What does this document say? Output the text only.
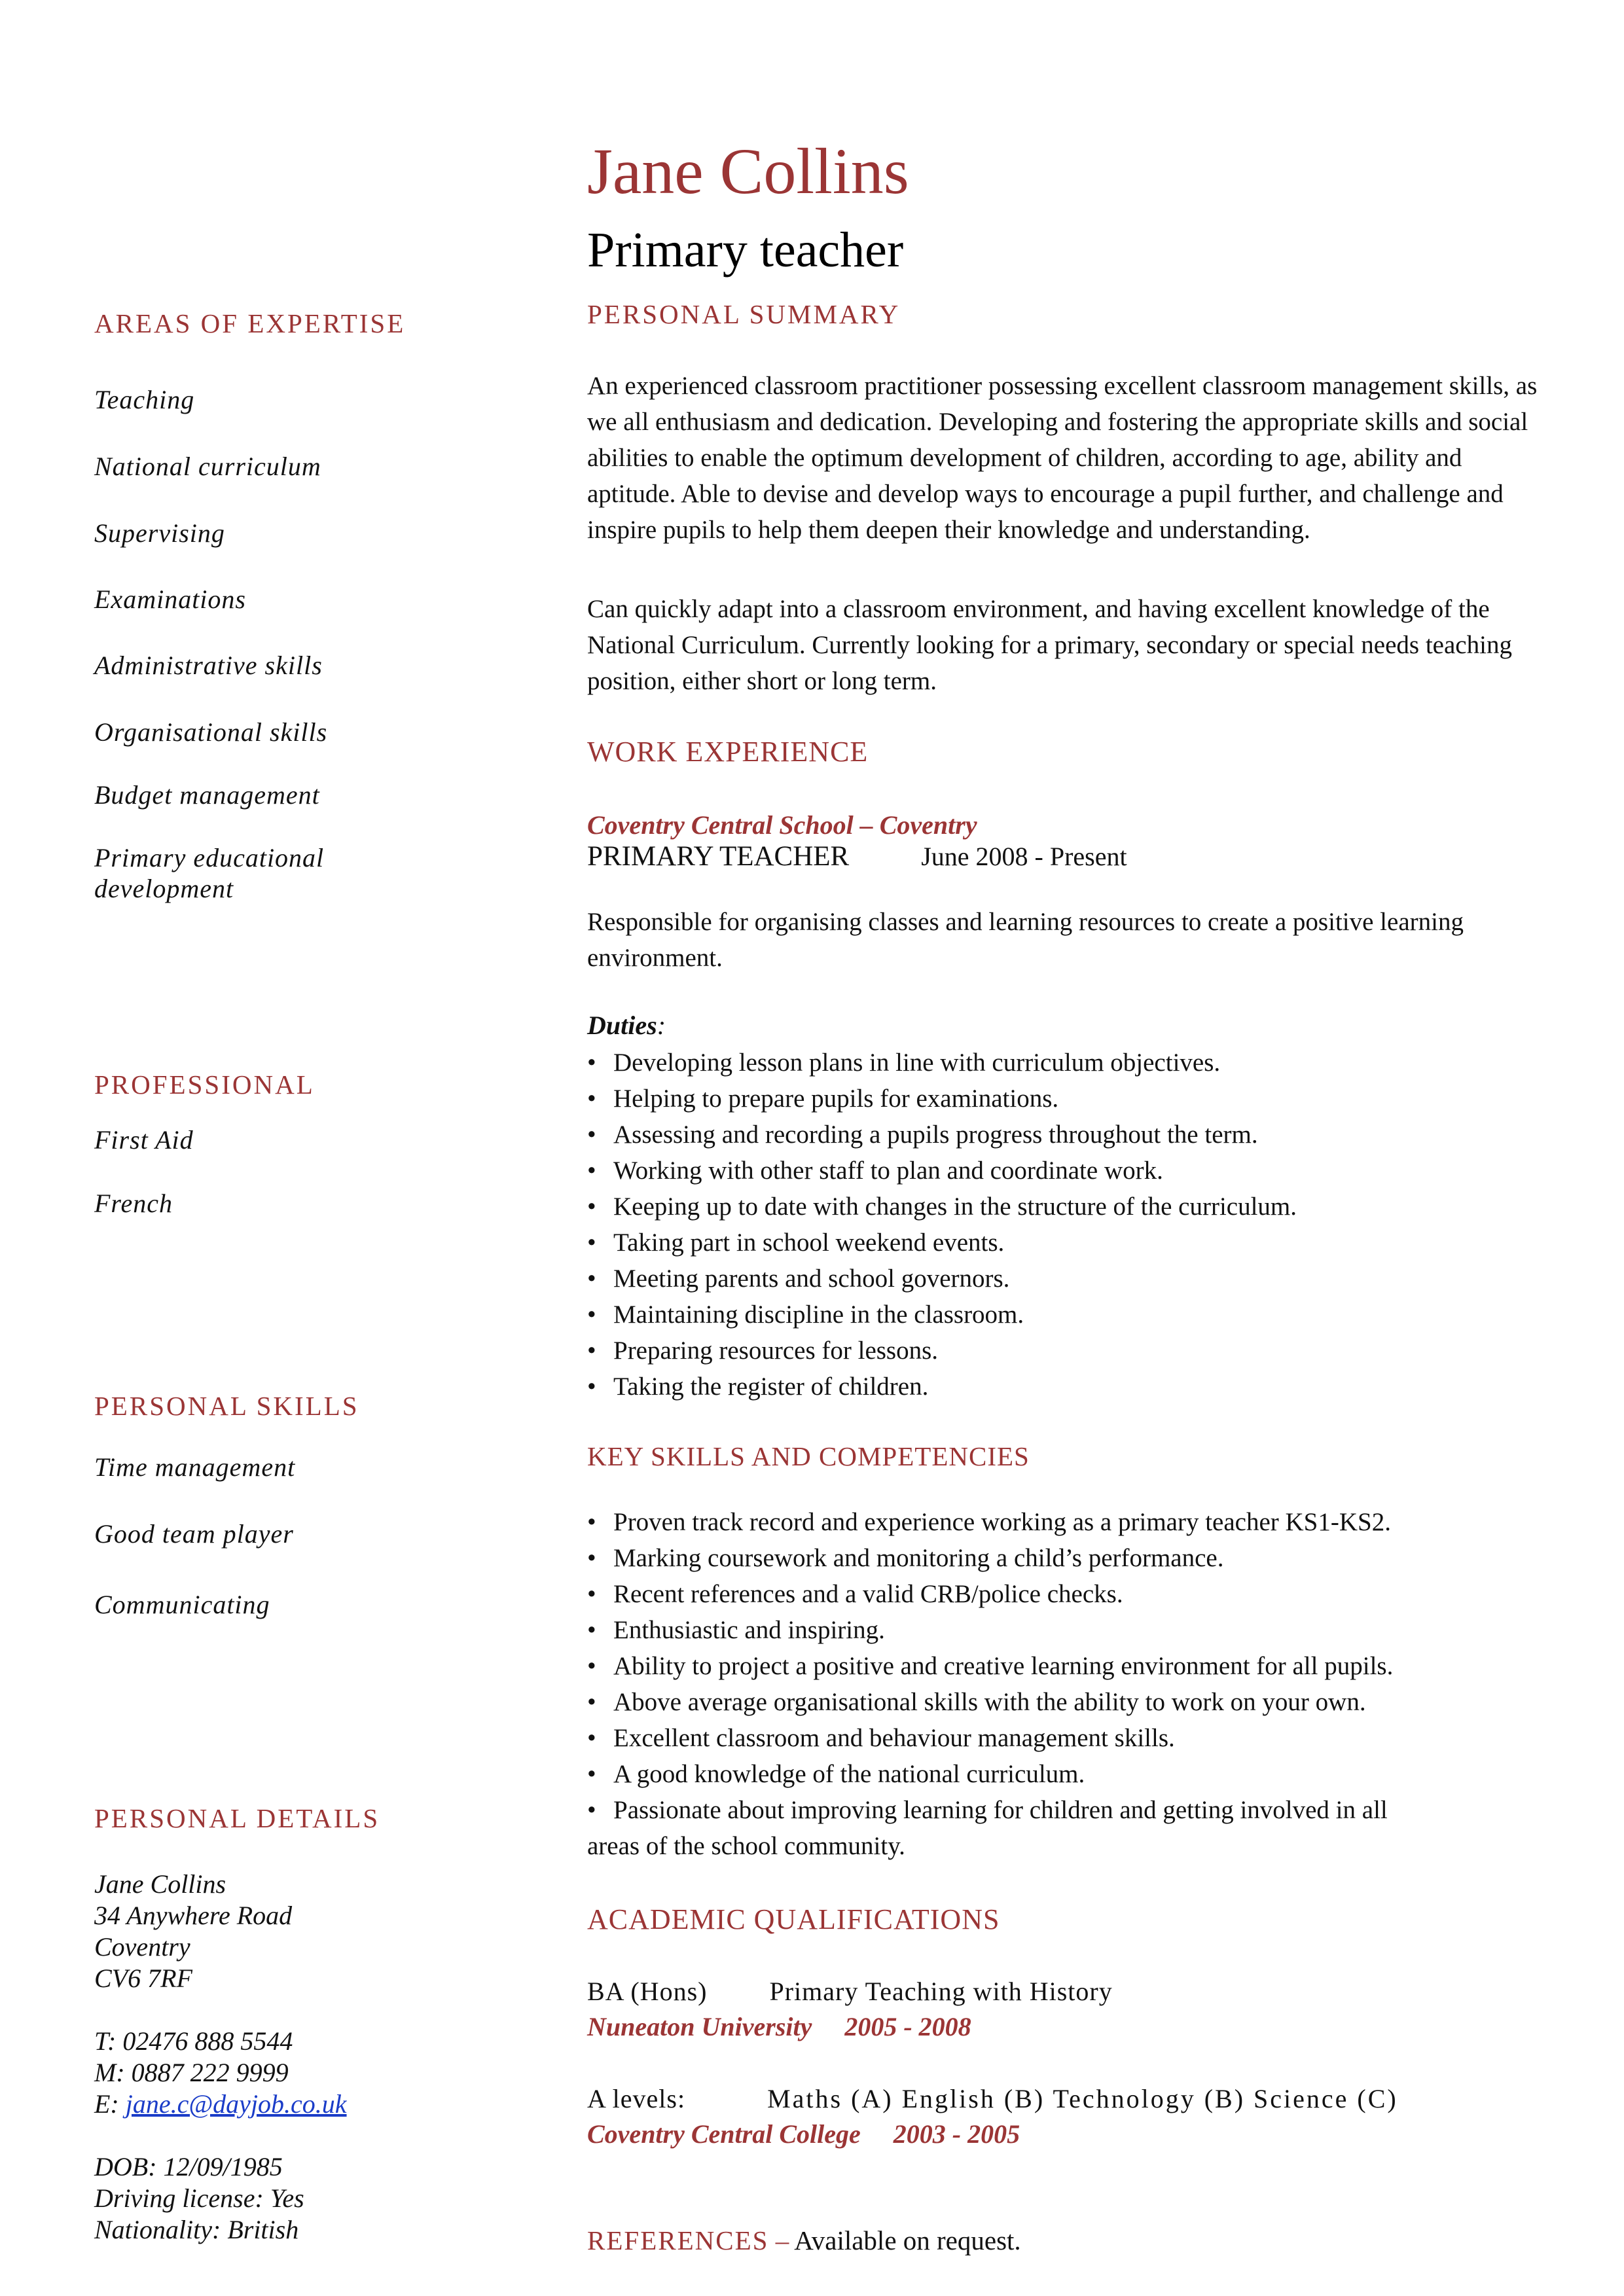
Jane Collins
Primary teacher
AREAS OF EXPERTISE
Teaching
National curriculum
Supervising
Examinations
Administrative skills
Organisational skills
Budget management
Primary educational development
PROFESSIONAL
First Aid
French
PERSONAL SKILLS
Time management
Good team player
Communicating
PERSONAL DETAILS
Jane Collins
34 Anywhere Road
Coventry
CV6 7RF
T: 02476 888 5544
M: 0887 222 9999
E: jane.c@dayjob.co.uk
DOB: 12/09/1985
Driving license: Yes
Nationality: British
PERSONAL SUMMARY

An experienced classroom practitioner possessing excellent classroom management skills, as we all enthusiasm and dedication. Developing and fostering the appropriate skills and social abilities to enable the optimum development of children, according to age, ability and aptitude. Able to devise and develop ways to encourage a pupil further, and challenge and inspire pupils to help them deepen their knowledge and understanding.

Can quickly adapt into a classroom environment, and having excellent knowledge of the National Curriculum. Currently looking for a primary, secondary or special needs teaching position, either short or long term.

WORK EXPERIENCE
Coventry Central School – Coventry
PRIMARY TEACHER	June 2008 - Present

Responsible for organising classes and learning resources to create a positive learning environment.

Duties:
• Developing lesson plans in line with curriculum objectives.
• Helping to prepare pupils for examinations.
• Assessing and recording a pupils progress throughout the term.
• Working with other staff to plan and coordinate work.
• Keeping up to date with changes in the structure of the curriculum.
• Taking part in school weekend events.
• Meeting parents and school governors.
• Maintaining discipline in the classroom.
• Preparing resources for lessons.
• Taking the register of children.
KEY SKILLS AND COMPETENCIES
• Proven track record and experience working as a primary teacher KS1-KS2.
• Marking coursework and monitoring a child’s performance.
• Recent references and a valid CRB/police checks.
• Enthusiastic and inspiring.
• Ability to project a positive and creative learning environment for all pupils.
• Above average organisational skills with the ability to work on your own.
• Excellent classroom and behaviour management skills.
• A good knowledge of the national curriculum.
• Passionate about improving learning for children and getting involved in all
areas of the school community.
ACADEMIC QUALIFICATIONS
BA (Hons) Primary Teaching with History
Nuneaton University 2005 - 2008
A levels:	Maths (A) English (B) Technology (B) Science (C)
Coventry Central College 2003 - 2005
REFERENCES – Available on request.
